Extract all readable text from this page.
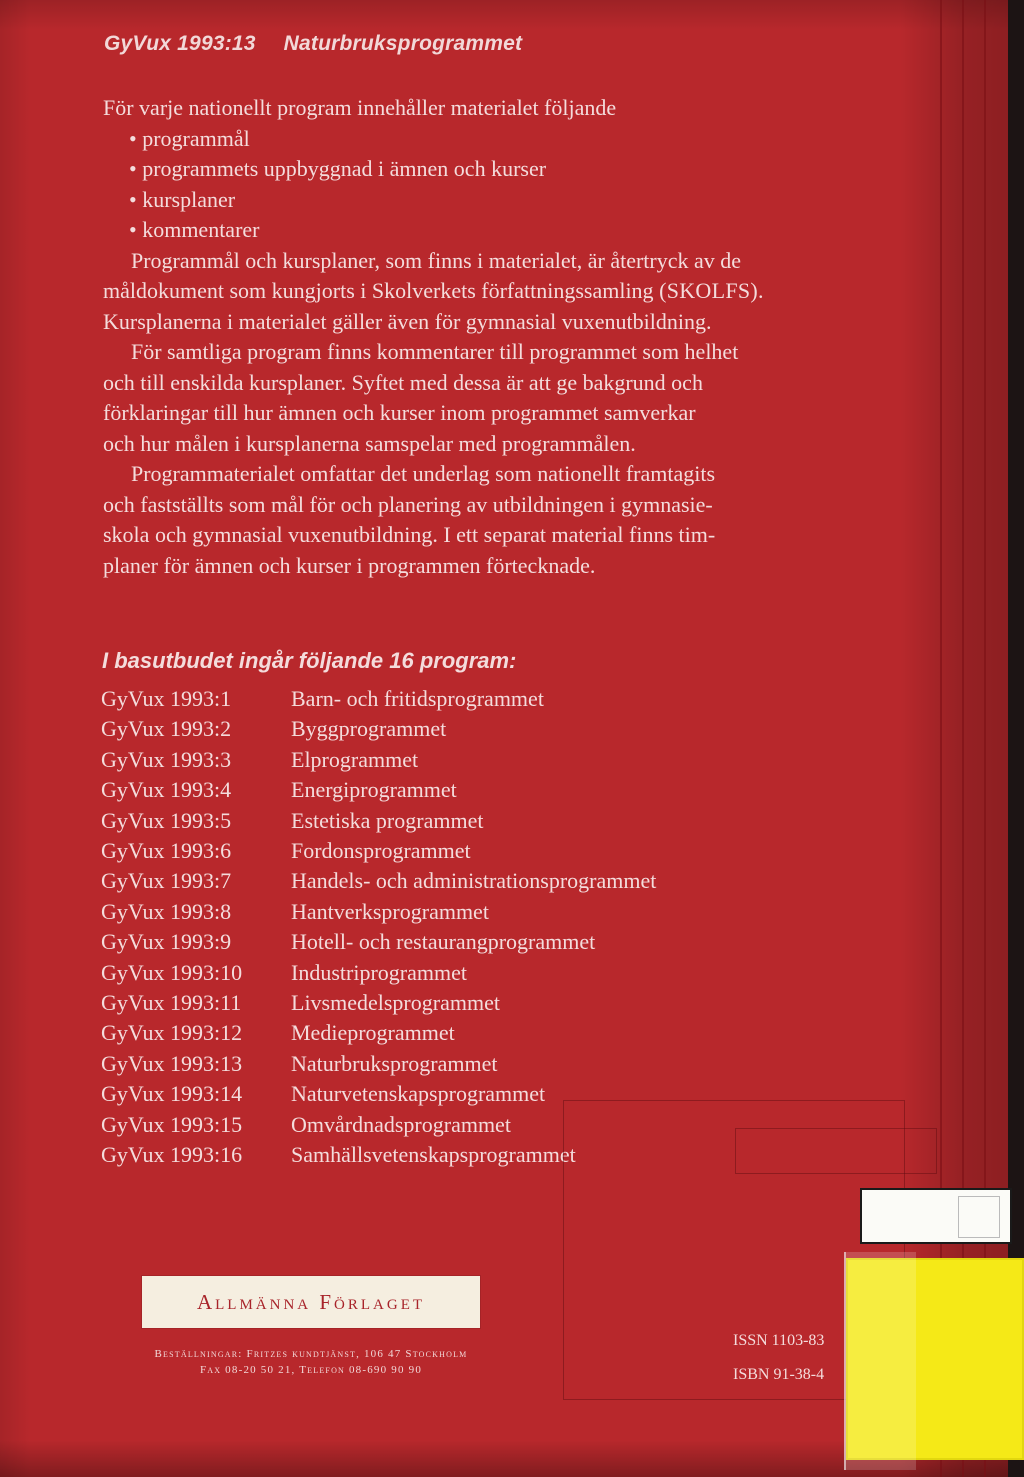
GyVux 1993:13 Naturbruksprogrammet

För varje nationellt program innehåller materialet följande

• programmål
• programmets uppbyggnad i ämnen och kurser
• kursplaner
• kommentarer

Programmål och kursplaner, som finns i materialet, är återtryck av de

måldokument som kungjorts i Skolverkets författningssamling (SKOLFS).

Kursplanerna i materialet gäller även för gymnasial vuxenutbildning.

För samtliga program finns kommentarer till programmet som helhet

och till enskilda kursplaner. Syftet med dessa är att ge bakgrund och

förklaringar till hur ämnen och kurser inom programmet samverkar

och hur målen i kursplanerna samspelar med programmålen.

Programmaterialet omfattar det underlag som nationellt framtagits

och fastställts som mål för och planering av utbildningen i gymnasie-

skola och gymnasial vuxenutbildning. I ett separat material finns tim-

planer för ämnen och kurser i programmen förtecknade.

I basutbudet ingår följande 16 program:
GyVux 1993:1	Barn- och fritidsprogrammet
GyVux 1993:2	Byggprogrammet
GyVux 1993:3	Elprogrammet
GyVux 1993:4	Energiprogrammet
GyVux 1993:5	Estetiska programmet
GyVux 1993:6	Fordonsprogrammet
GyVux 1993:7	Handels- och administrationsprogrammet
GyVux 1993:8	Hantverksprogrammet
GyVux 1993:9	Hotell- och restaurangprogrammet
GyVux 1993:10	Industriprogrammet
GyVux 1993:11	Livsmedelsprogrammet
GyVux 1993:12	Medieprogrammet
GyVux 1993:13	Naturbruksprogrammet
GyVux 1993:14	Naturvetenskapsprogrammet
GyVux 1993:15	Omvårdnadsprogrammet
GyVux 1993:16	Samhällsvetenskapsprogrammet
Allmänna Förlaget
Beställningar: Fritzes kundtjänst, 106 47 Stockholm
Fax 08-20 50 21, Telefon 08-690 90 90
ISSN 1103-83
ISBN 91-38-4
